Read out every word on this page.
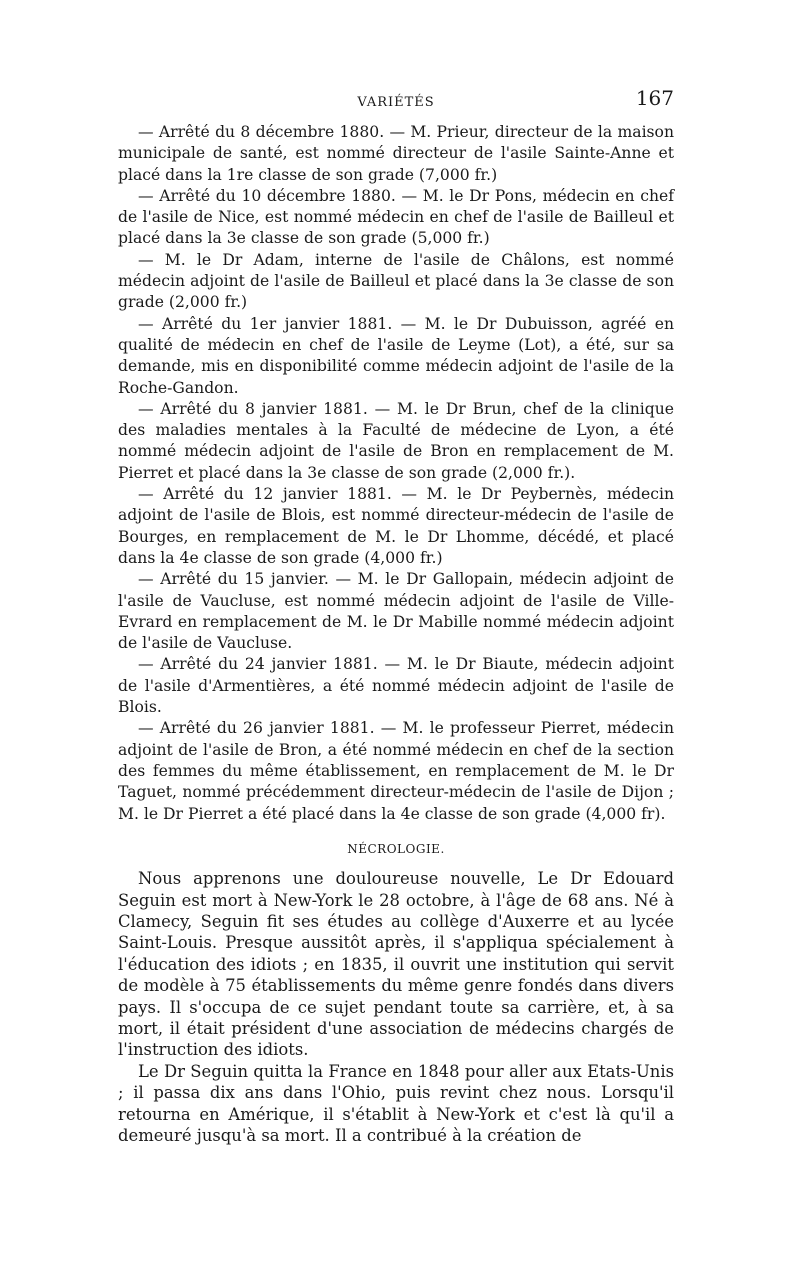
VARIÉTÉS	167

— Arrêté du 8 décembre 1880. — M. Prieur, directeur de la maison municipale de santé, est nommé directeur de l'asile Sainte-Anne et placé dans la 1re classe de son grade (7,000 fr.)

— Arrêté du 10 décembre 1880. — M. le Dr Pons, médecin en chef de l'asile de Nice, est nommé médecin en chef de l'asile de Bailleul et placé dans la 3e classe de son grade (5,000 fr.)

— M. le Dr Adam, interne de l'asile de Châlons, est nommé médecin adjoint de l'asile de Bailleul et placé dans la 3e classe de son grade (2,000 fr.)

— Arrêté du 1er janvier 1881. — M. le Dr Dubuisson, agréé en qualité de médecin en chef de l'asile de Leyme (Lot), a été, sur sa demande, mis en disponibilité comme médecin adjoint de l'asile de la Roche-Gandon.

— Arrêté du 8 janvier 1881. — M. le Dr Brun, chef de la clinique des maladies mentales à la Faculté de médecine de Lyon, a été nommé médecin adjoint de l'asile de Bron en remplacement de M. Pierret et placé dans la 3e classe de son grade (2,000 fr.).

— Arrêté du 12 janvier 1881. — M. le Dr Peybernès, médecin adjoint de l'asile de Blois, est nommé directeur-médecin de l'asile de Bourges, en remplacement de M. le Dr Lhomme, décédé, et placé dans la 4e classe de son grade (4,000 fr.)

— Arrêté du 15 janvier. — M. le Dr Gallopain, médecin adjoint de l'asile de Vaucluse, est nommé médecin adjoint de l'asile de Ville-Evrard en remplacement de M. le Dr Mabille nommé médecin adjoint de l'asile de Vaucluse.

— Arrêté du 24 janvier 1881. — M. le Dr Biaute, médecin adjoint de l'asile d'Armentières, a été nommé médecin adjoint de l'asile de Blois.

— Arrêté du 26 janvier 1881. — M. le professeur Pierret, médecin adjoint de l'asile de Bron, a été nommé médecin en chef de la section des femmes du même établissement, en remplacement de M. le Dr Taguet, nommé précédemment directeur-médecin de l'asile de Dijon ; M. le Dr Pierret a été placé dans la 4e classe de son grade (4,000 fr).

NÉCROLOGIE.

Nous apprenons une douloureuse nouvelle, Le Dr Edouard Seguin est mort à New-York le 28 octobre, à l'âge de 68 ans. Né à Clamecy, Seguin fit ses études au collège d'Auxerre et au lycée Saint-Louis. Presque aussitôt après, il s'appliqua spécialement à l'éducation des idiots ; en 1835, il ouvrit une institution qui servit de modèle à 75 établissements du même genre fondés dans divers pays. Il s'occupa de ce sujet pendant toute sa carrière, et, à sa mort, il était président d'une association de médecins chargés de l'instruction des idiots.

Le Dr Seguin quitta la France en 1848 pour aller aux Etats-Unis ; il passa dix ans dans l'Ohio, puis revint chez nous. Lorsqu'il retourna en Amérique, il s'établit à New-York et c'est là qu'il a demeuré jusqu'à sa mort. Il a contribué à la création de
